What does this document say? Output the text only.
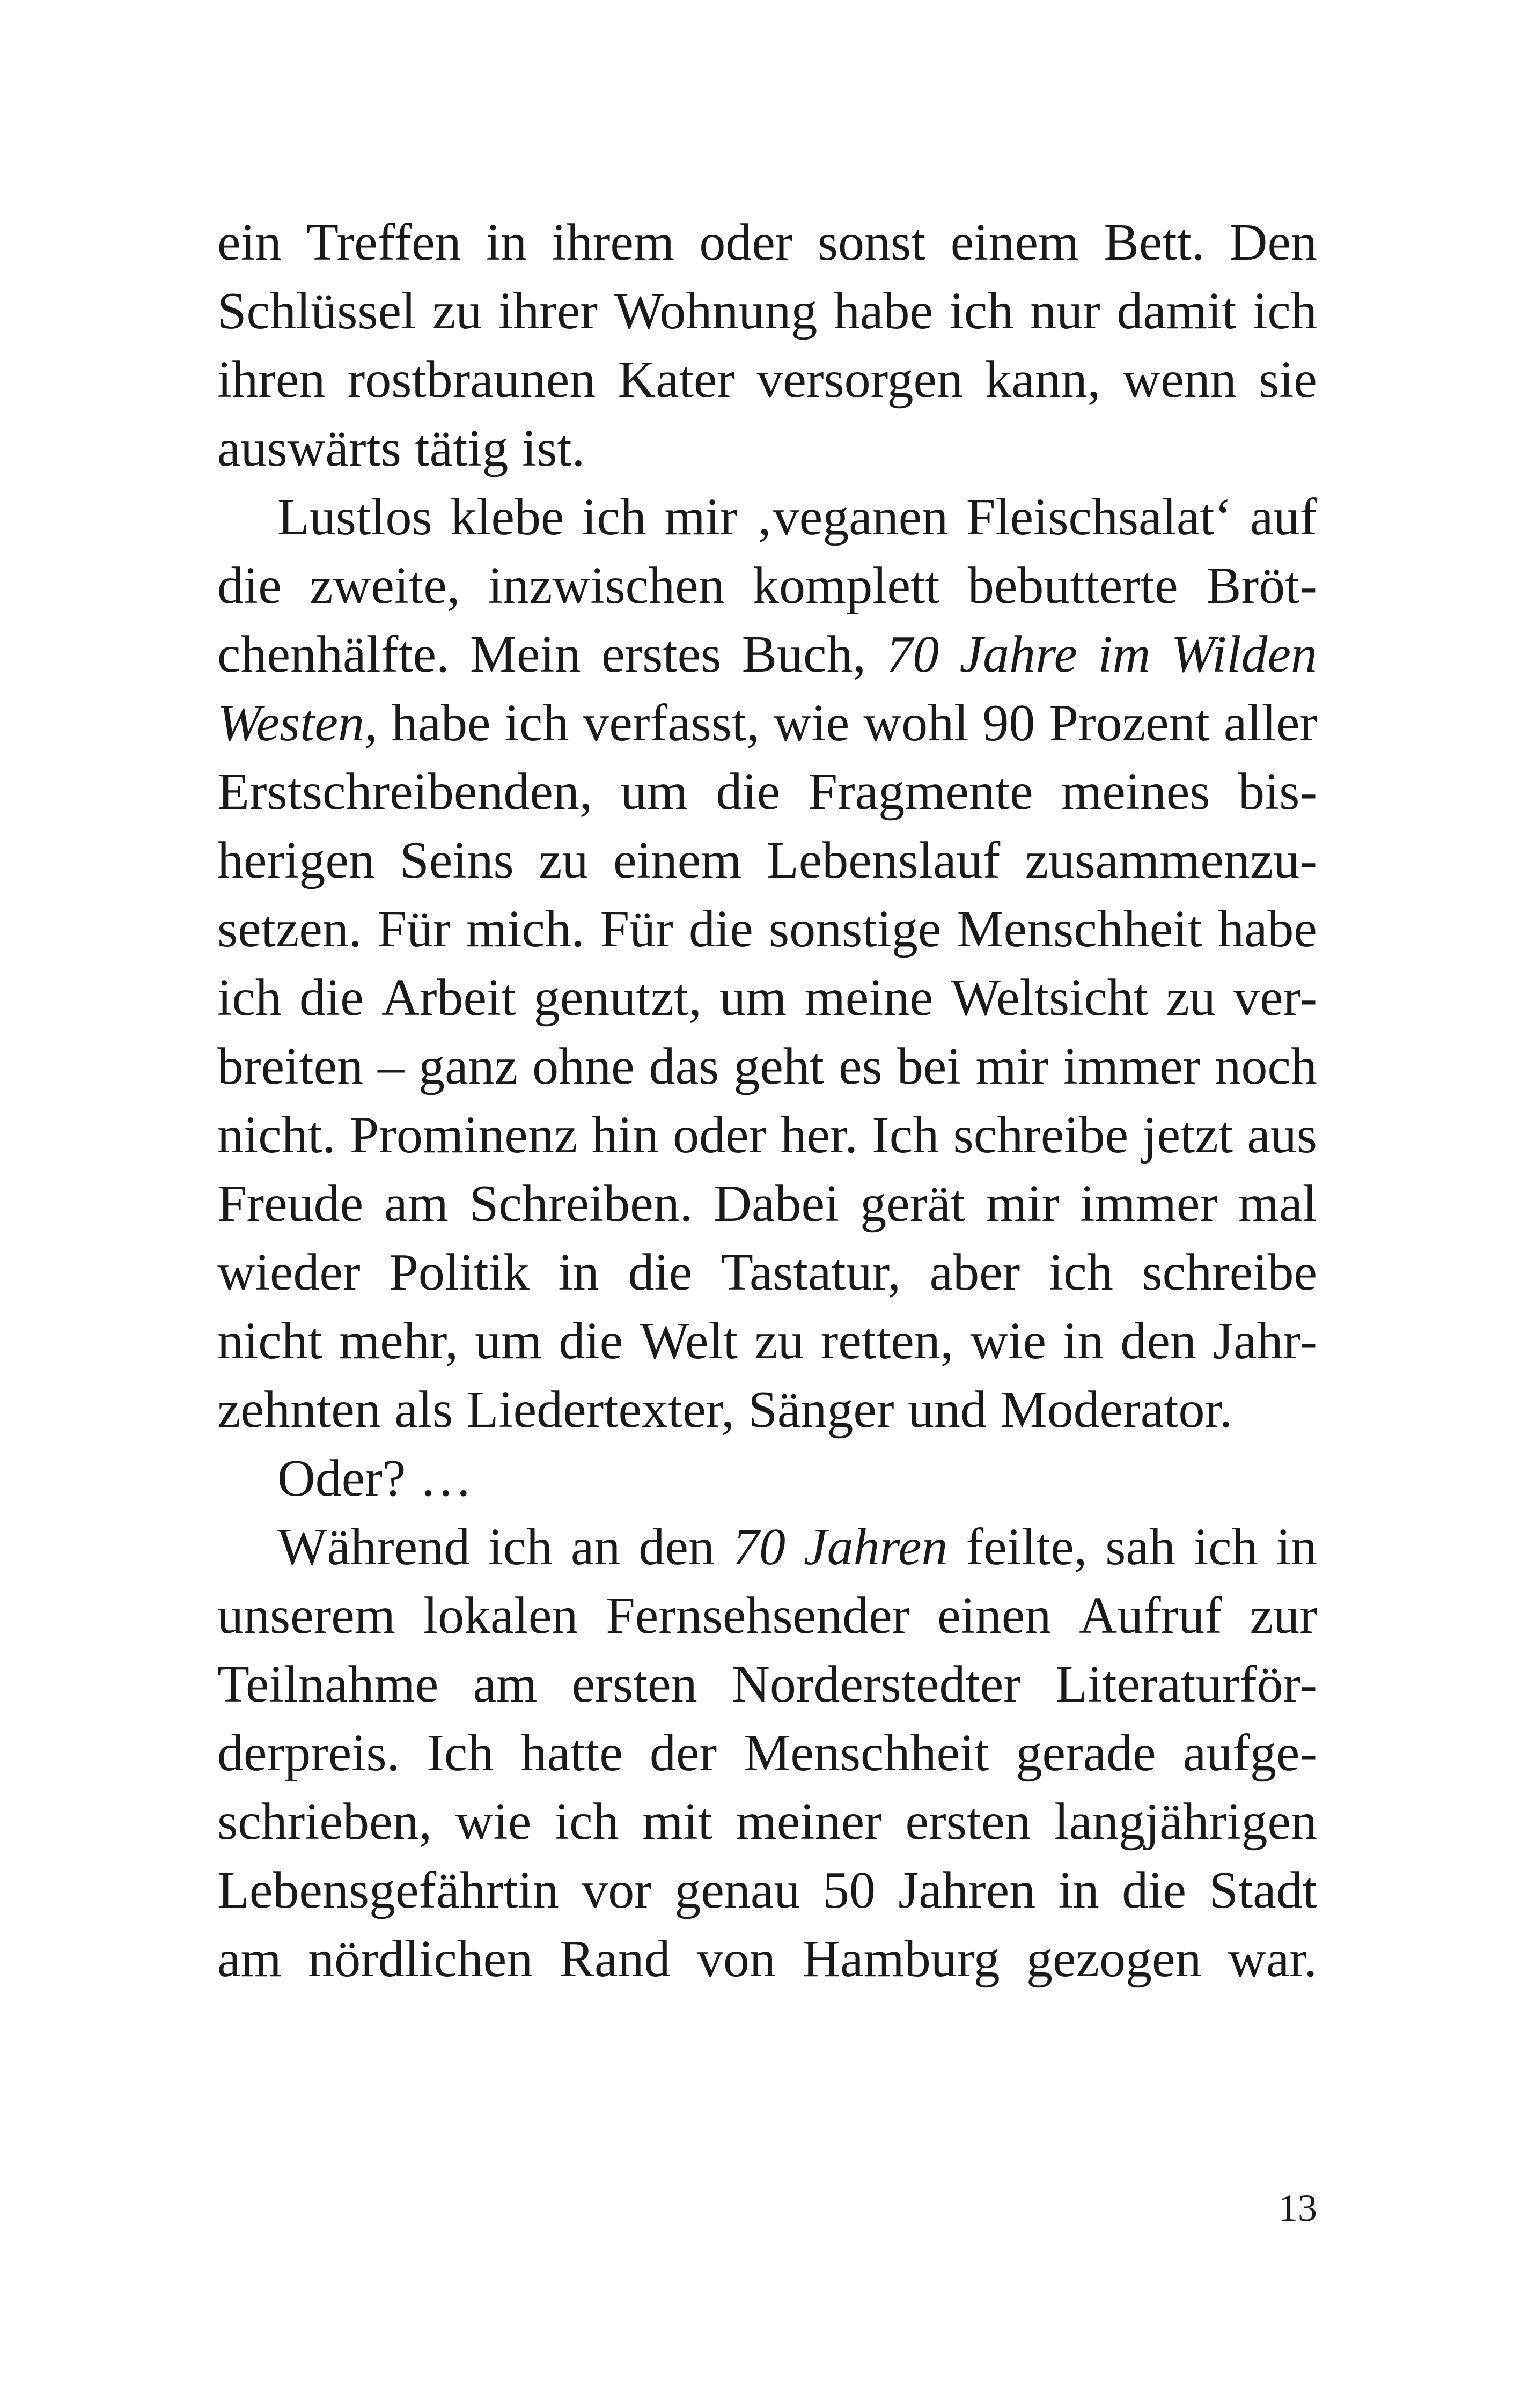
ein Treffen in ihrem oder sonst einem Bett. Den
Schlüssel zu ihrer Wohnung habe ich nur damit ich
ihren rostbraunen Kater versorgen kann, wenn sie
auswärts tätig ist.
Lustlos klebe ich mir ‚veganen Fleischsalat‘ auf
die zweite, inzwischen komplett bebutterte Bröt-
chenhälfte. Mein erstes Buch, 70 Jahre im Wilden
Westen, habe ich verfasst, wie wohl 90 Prozent aller
Erstschreibenden, um die Fragmente meines bis-
herigen Seins zu einem Lebenslauf zusammenzu-
setzen. Für mich. Für die sonstige Menschheit habe
ich die Arbeit genutzt, um meine Weltsicht zu ver-
breiten – ganz ohne das geht es bei mir immer noch
nicht. Prominenz hin oder her. Ich schreibe jetzt aus
Freude am Schreiben. Dabei gerät mir immer mal
wieder Politik in die Tastatur, aber ich schreibe
nicht mehr, um die Welt zu retten, wie in den Jahr-
zehnten als Liedertexter, Sänger und Moderator.
Oder? …
Während ich an den 70 Jahren feilte, sah ich in
unserem lokalen Fernsehsender einen Aufruf zur
Teilnahme am ersten Norderstedter Literaturför-
derpreis. Ich hatte der Menschheit gerade aufge-
schrieben, wie ich mit meiner ersten langjährigen
Lebensgefährtin vor genau 50 Jahren in die Stadt
am nördlichen Rand von Hamburg gezogen war.
13
